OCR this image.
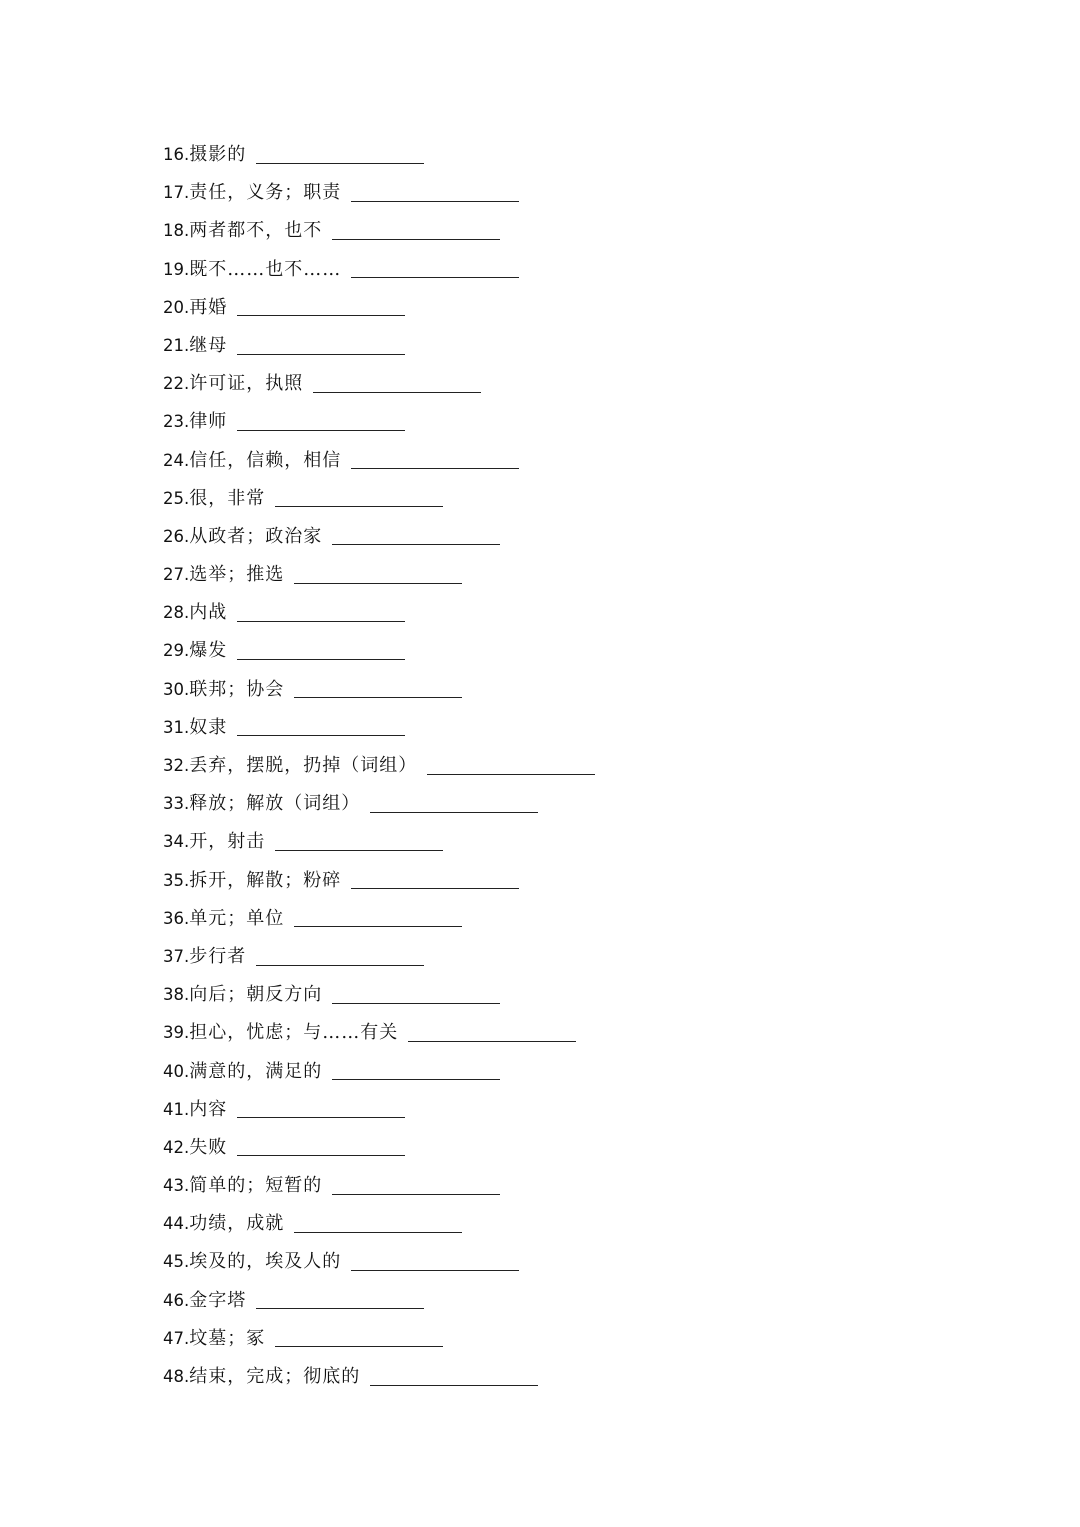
16. 摄影的
17. 责任，义务；职责
18. 两者都不，也不
19. 既不……也不……
20. 再婚
21. 继母
22. 许可证，执照
23. 律师
24. 信任，信赖，相信
25. 很，非常
26. 从政者；政治家
27. 选举；推选
28. 内战
29. 爆发
30. 联邦；协会
31. 奴隶
32. 丢弃，摆脱，扔掉（词组）
33. 释放；解放（词组）
34. 开，射击
35. 拆开，解散；粉碎
36. 单元；单位
37. 步行者
38. 向后；朝反方向
39. 担心，忧虑；与……有关
40. 满意的，满足的
41. 内容
42. 失败
43. 简单的；短暂的
44. 功绩，成就
45. 埃及的，埃及人的
46. 金字塔
47. 坟墓；冢
48. 结束，完成；彻底的
